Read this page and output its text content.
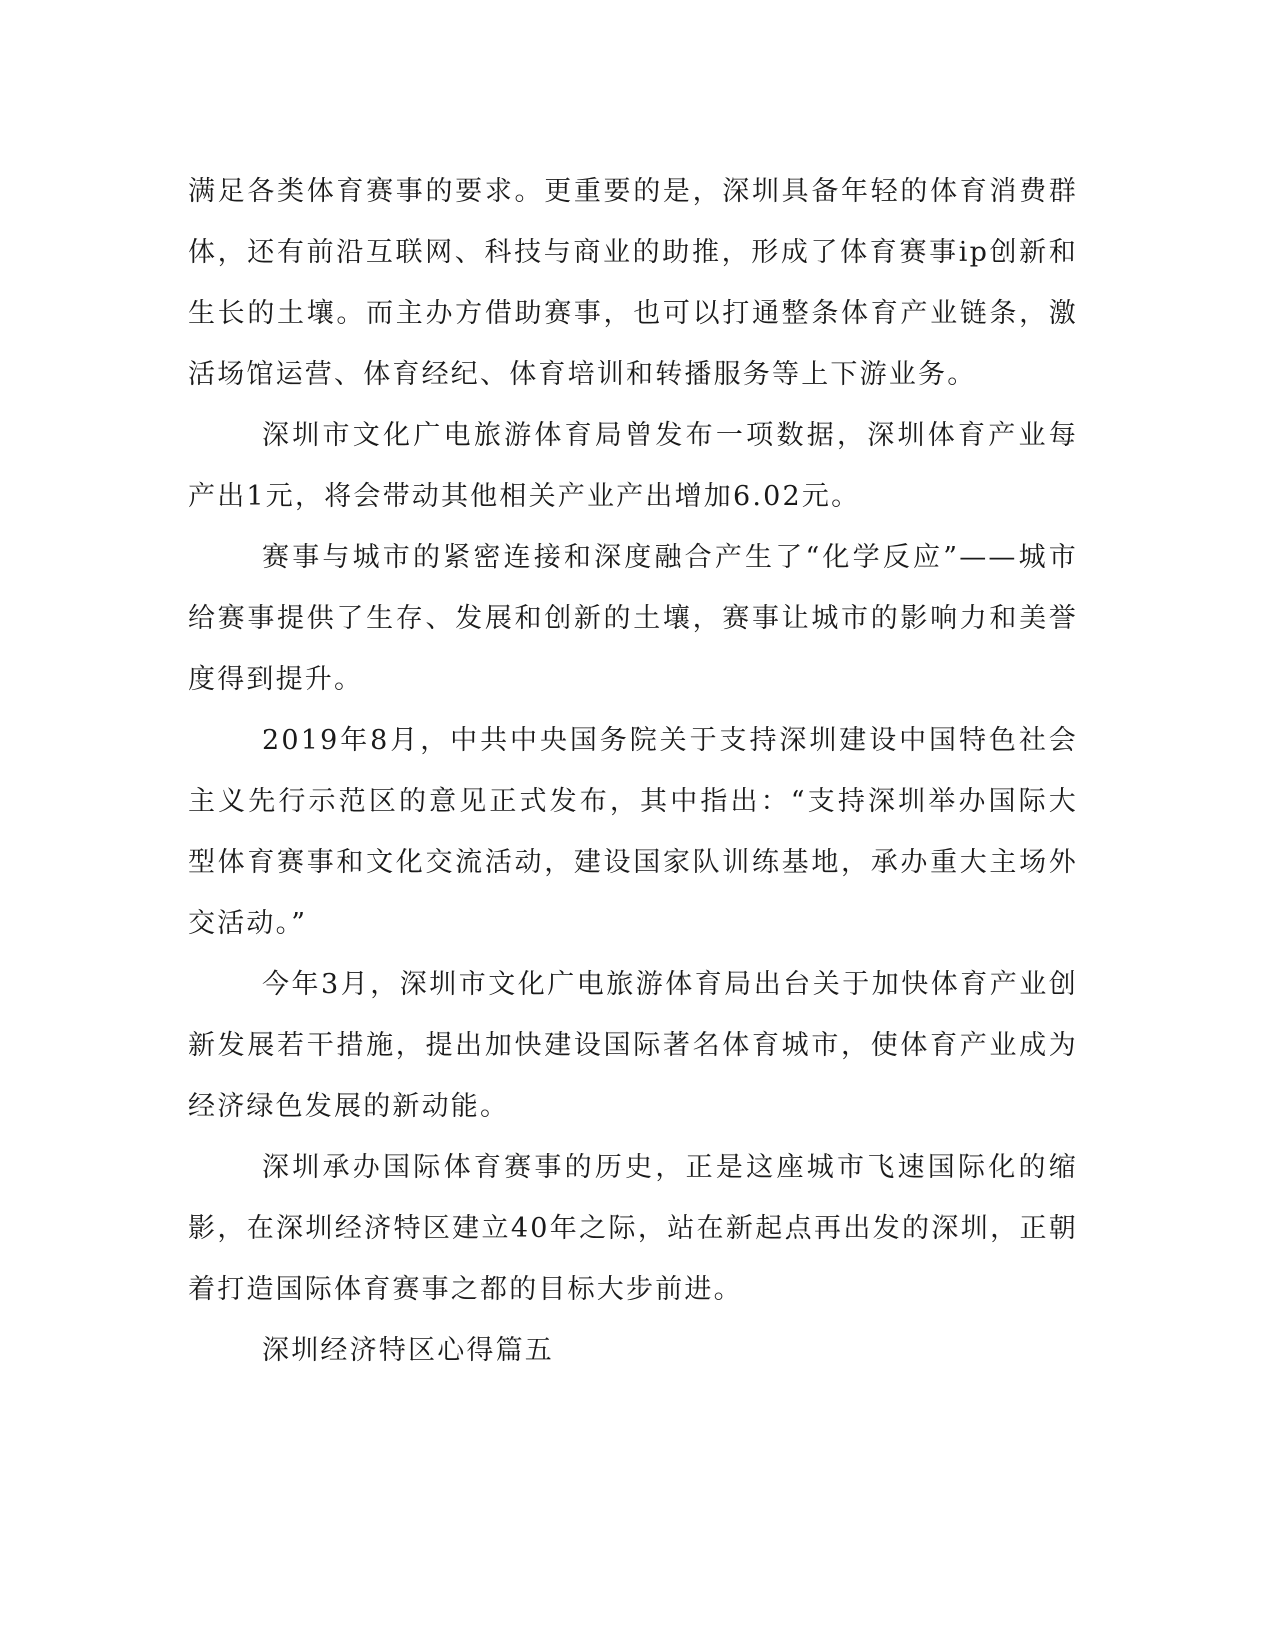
满足各类体育赛事的要求。更重要的是，深圳具备年轻的体育消费群体，还有前沿互联网、科技与商业的助推，形成了体育赛事ip创新和生长的土壤。而主办方借助赛事，也可以打通整条体育产业链条，激活场馆运营、体育经纪、体育培训和转播服务等上下游业务。

深圳市文化广电旅游体育局曾发布一项数据，深圳体育产业每产出1元，将会带动其他相关产业产出增加6.02元。

赛事与城市的紧密连接和深度融合产生了“化学反应”——城市给赛事提供了生存、发展和创新的土壤，赛事让城市的影响力和美誉度得到提升。

2019年8月，中共中央国务院关于支持深圳建设中国特色社会主义先行示范区的意见正式发布，其中指出：“支持深圳举办国际大型体育赛事和文化交流活动，建设国家队训练基地，承办重大主场外交活动。”

今年3月，深圳市文化广电旅游体育局出台关于加快体育产业创新发展若干措施，提出加快建设国际著名体育城市，使体育产业成为经济绿色发展的新动能。

深圳承办国际体育赛事的历史，正是这座城市飞速国际化的缩影，在深圳经济特区建立40年之际，站在新起点再出发的深圳，正朝着打造国际体育赛事之都的目标大步前进。

深圳经济特区心得篇五
